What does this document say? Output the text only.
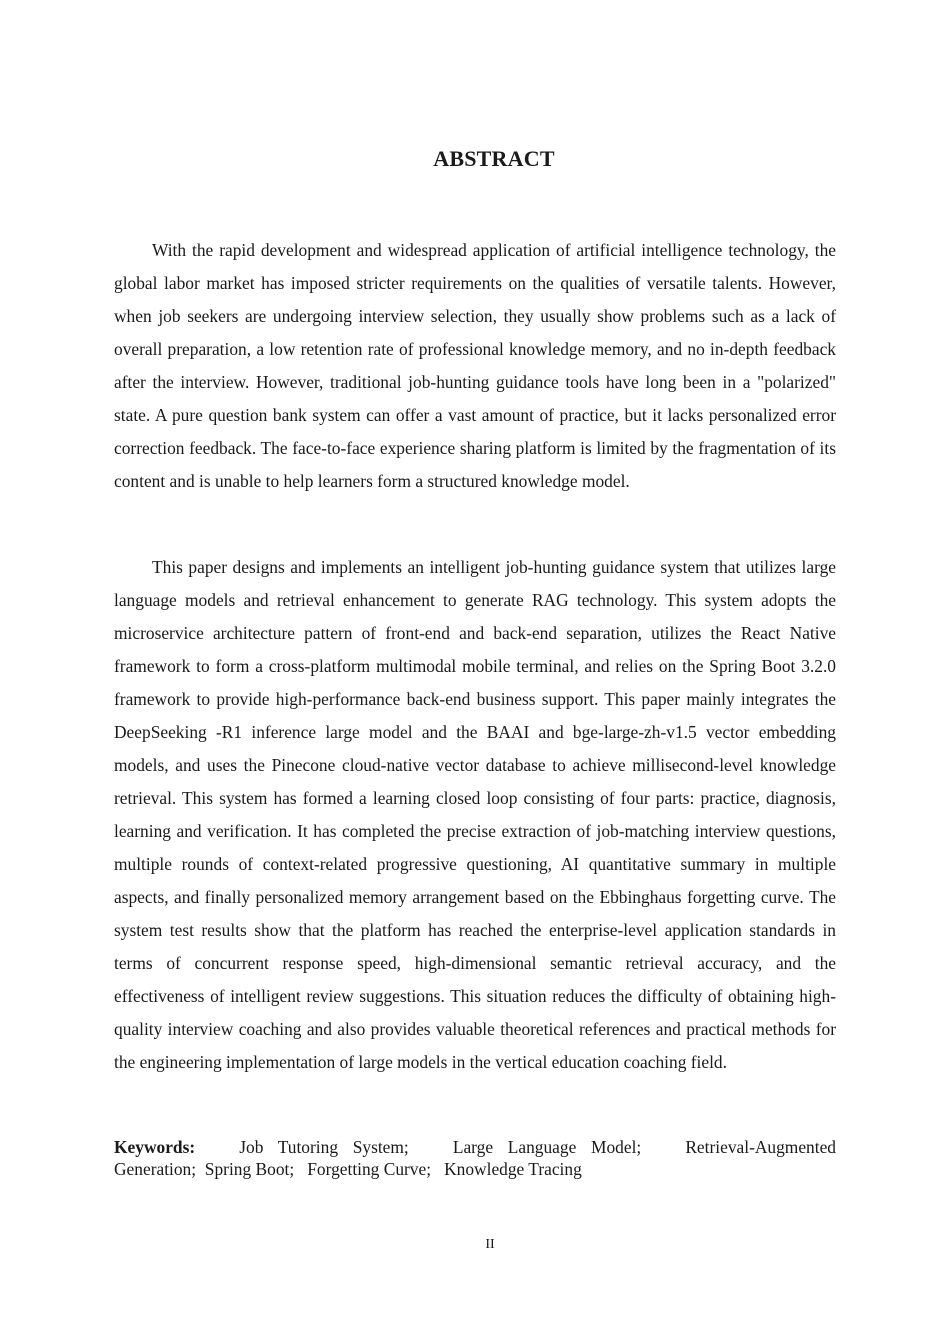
ABSTRACT

With the rapid development and widespread application of artificial intelligence technology, the global labor market has imposed stricter requirements on the qualities of versatile talents. However, when job seekers are undergoing interview selection, they usually show problems such as a lack of overall preparation, a low retention rate of professional knowledge memory, and no in-depth feedback after the interview. However, traditional job-hunting guidance tools have long been in a "polarized" state. A pure question bank system can offer a vast amount of practice, but it lacks personalized error correction feedback. The face-to-face experience sharing platform is limited by the fragmentation of its content and is unable to help learners form a structured knowledge model.

This paper designs and implements an intelligent job-hunting guidance system that utilizes large language models and retrieval enhancement to generate RAG technology. This system adopts the microservice architecture pattern of front-end and back-end separation, utilizes the React Native framework to form a cross-platform multimodal mobile terminal, and relies on the Spring Boot 3.2.0 framework to provide high-performance back-end business support. This paper mainly integrates the DeepSeeking -R1 inference large model and the BAAI and bge-large-zh-v1.5 vector embedding models, and uses the Pinecone cloud-native vector database to achieve millisecond-level knowledge retrieval. This system has formed a learning closed loop consisting of four parts: practice, diagnosis, learning and verification. It has completed the precise extraction of job-matching interview questions, multiple rounds of context-related progressive questioning, AI quantitative summary in multiple aspects, and finally personalized memory arrangement based on the Ebbinghaus forgetting curve. The system test results show that the platform has reached the enterprise-level application standards in terms of concurrent response speed, high-dimensional semantic retrieval accuracy, and the effectiveness of intelligent review suggestions. This situation reduces the difficulty of obtaining high-quality interview coaching and also provides valuable theoretical references and practical methods for the engineering implementation of large models in the vertical education coaching field.

Keywords:	Job Tutoring System;	Large Language Model;	Retrieval-Augmented Generation; Spring Boot; Forgetting Curve; Knowledge Tracing

II
